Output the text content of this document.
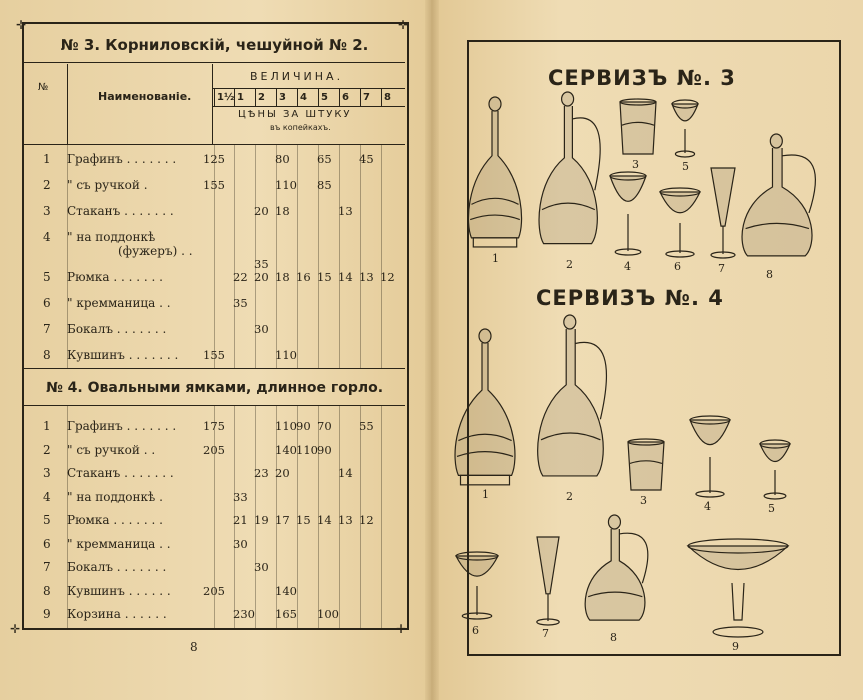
✛	✛
✛	✛
№ 3. Корниловскій, чешуйной № 2.
№
Наименованіе.
ВЕЛИЧИНА.
ЦѢНЫ ЗА ШТУКУ
въ копейкахъ.
№ 4. Овальными ямками, длинное горло.
8
СЕРВИЗЪ №. 3
СЕРВИЗЪ №. 4
1½ 1 2 3 4 5 6 7 8
1 Графинъ . . . . . . . 125	80 65 45
2 " съ ручкой .	155	110 85
3 Стаканъ . . . . . . .	20 18	13
4 " на поддонкѣ
(фужеръ) . .
35
5 Рюмка . . . . . . .	22 20 18 16 15 14 13 12
6 " кремманица . .	35
7 Бокалъ . . . . . . .	30
8 Кувшинъ . . . . . . . 155	110
1 Графинъ . . . . . . . 175	110 90 70 55
2 " съ ручкой . .	205	140 110 90
3 Стаканъ . . . . . . .	23 20	14
4 " на поддонкѣ .	33
5 Рюмка . . . . . . .	21 19 17 15 14 13 12
6 " кремманица . .	30
7 Бокалъ . . . . . . .	30
8 Кувшинъ . . . . . .	205	140
9 Корзина . . . . . .	230 165 100
1	2
3	5
4	6	7	8
1	2	3	4	5
6	7	8
9
